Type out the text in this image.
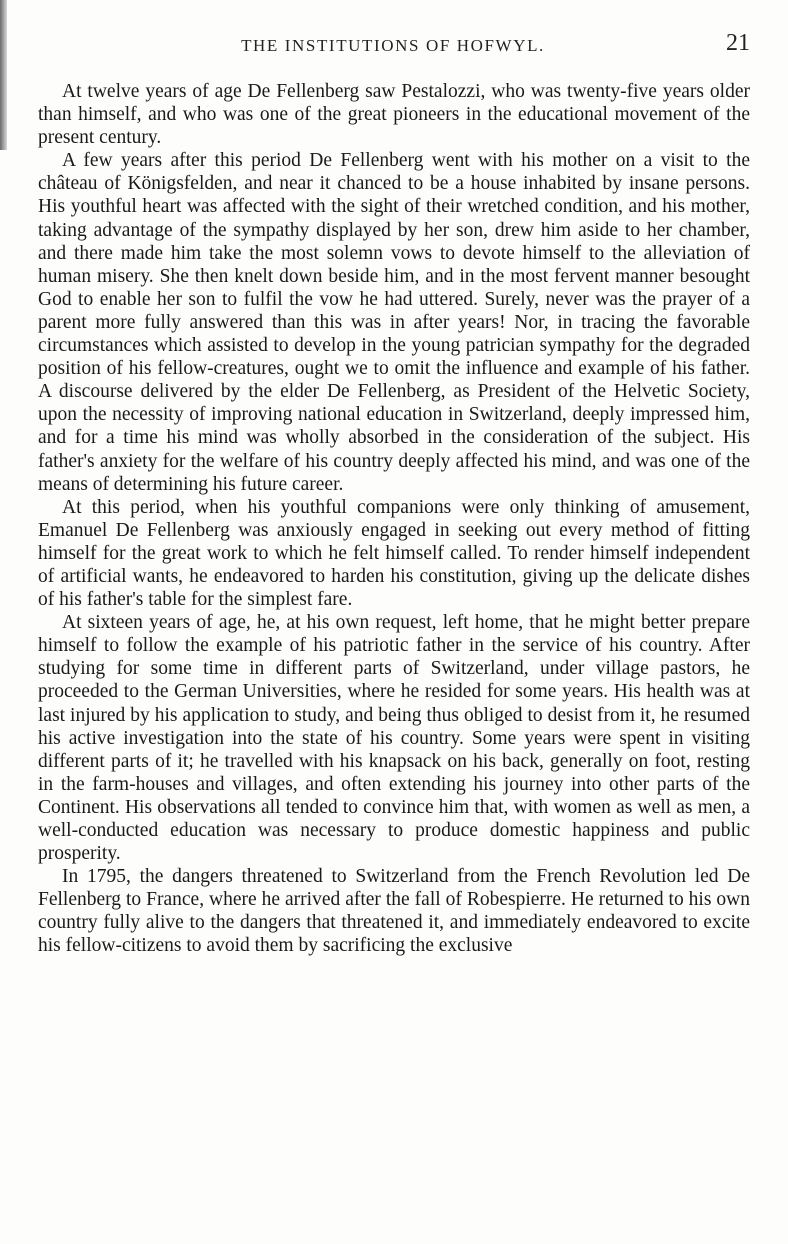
THE INSTITUTIONS OF HOFWYL.	21

At twelve years of age De Fellenberg saw Pestalozzi, who was twenty-five years older than himself, and who was one of the great pioneers in the educational movement of the present century.

A few years after this period De Fellenberg went with his mother on a visit to the château of Königsfelden, and near it chanced to be a house inhabited by insane persons. His youthful heart was affected with the sight of their wretched condition, and his mother, taking advantage of the sympathy displayed by her son, drew him aside to her chamber, and there made him take the most solemn vows to devote himself to the alleviation of human misery. She then knelt down beside him, and in the most fervent manner besought God to enable her son to fulfil the vow he had uttered. Surely, never was the prayer of a parent more fully answered than this was in after years! Nor, in tracing the favorable circumstances which assisted to develop in the young patrician sympathy for the degraded position of his fellow-creatures, ought we to omit the influence and example of his father. A discourse delivered by the elder De Fellenberg, as President of the Helvetic Society, upon the necessity of improving national education in Switzerland, deeply impressed him, and for a time his mind was wholly absorbed in the consideration of the subject. His father's anxiety for the welfare of his country deeply affected his mind, and was one of the means of determining his future career.

At this period, when his youthful companions were only thinking of amusement, Emanuel De Fellenberg was anxiously engaged in seeking out every method of fitting himself for the great work to which he felt himself called. To render himself independent of artificial wants, he endeavored to harden his constitution, giving up the delicate dishes of his father's table for the simplest fare.

At sixteen years of age, he, at his own request, left home, that he might better prepare himself to follow the example of his patriotic father in the service of his country. After studying for some time in different parts of Switzerland, under village pastors, he proceeded to the German Universities, where he resided for some years. His health was at last injured by his application to study, and being thus obliged to desist from it, he resumed his active investigation into the state of his country. Some years were spent in visiting different parts of it; he travelled with his knapsack on his back, generally on foot, resting in the farm-houses and villages, and often extending his journey into other parts of the Continent. His observations all tended to convince him that, with women as well as men, a well-conducted education was necessary to produce domestic happiness and public prosperity.

In 1795, the dangers threatened to Switzerland from the French Revolution led De Fellenberg to France, where he arrived after the fall of Robespierre. He returned to his own country fully alive to the dangers that threatened it, and immediately endeavored to excite his fellow-citizens to avoid them by sacrificing the exclusive
